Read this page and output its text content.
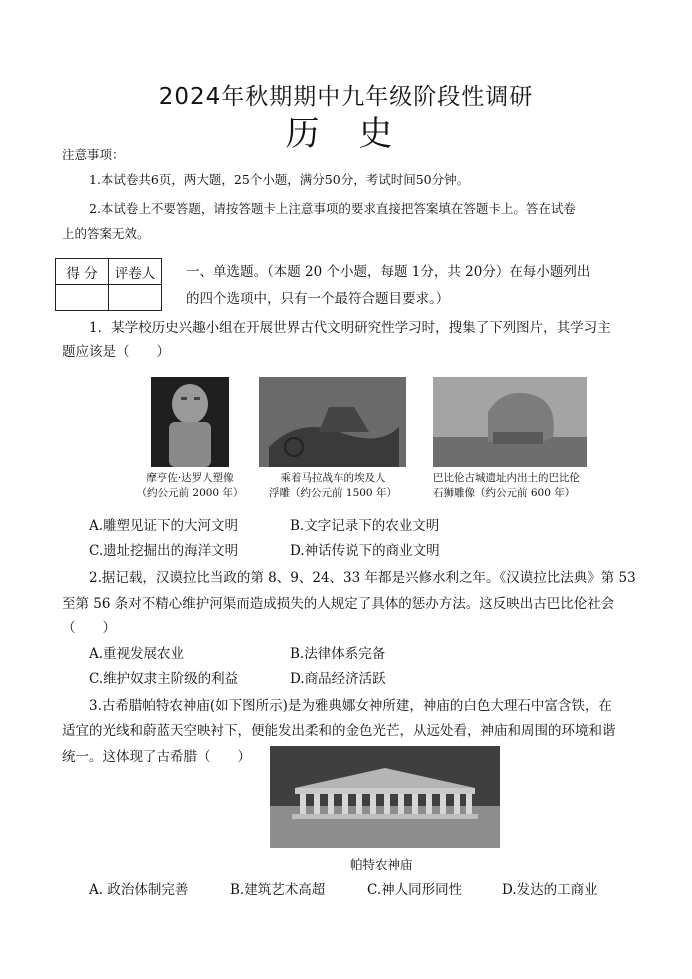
2024年秋期期中九年级阶段性调研
历 史
注意事项：
1.本试卷共6页，两大题，25个小题，满分50分，考试时间50分钟。
2.本试卷上不要答题，请按答题卡上注意事项的要求直接把答案填在答题卡上。答在试卷
上的答案无效。
得 分	评卷人
	一、单选题。（本题 20 个小题，每题 1分，共 20分）在每小题列出
的四个选项中，只有一个最符合题目要求。）
1．某学校历史兴趣小组在开展世界古代文明研究性学习时，搜集了下列图片，其学习主
题应该是（　　）
摩亨佐·达罗人塑像
（约公元前 2000 年）
乘着马拉战车的埃及人
浮雕（约公元前 1500 年）
巴比伦古城遗址内出土的巴比伦
石狮雕像（约公元前 600 年）
A.雕塑见证下的大河文明	B.文字记录下的农业文明
C.遗址挖掘出的海洋文明	D.神话传说下的商业文明
2.据记载，汉谟拉比当政的第 8、9、24、33 年都是兴修水利之年。《汉谟拉比法典》第 53
至第 56 条对不精心维护河渠而造成损失的人规定了具体的惩办方法。这反映出古巴比伦社会
（　　）
A.重视发展农业	B.法律体系完备
C.维护奴隶主阶级的利益	D.商品经济活跃
3.古希腊帕特农神庙(如下图所示)是为雅典娜女神所建，神庙的白色大理石中富含铁，在
适宜的光线和蔚蓝天空映衬下，便能发出柔和的金色光芒，从远处看，神庙和周围的环境和谐
统一。这体现了古希腊（　　）
帕特农神庙
A. 政治体制完善	B.建筑艺术高超	C.神人同形同性	D.发达的工商业
